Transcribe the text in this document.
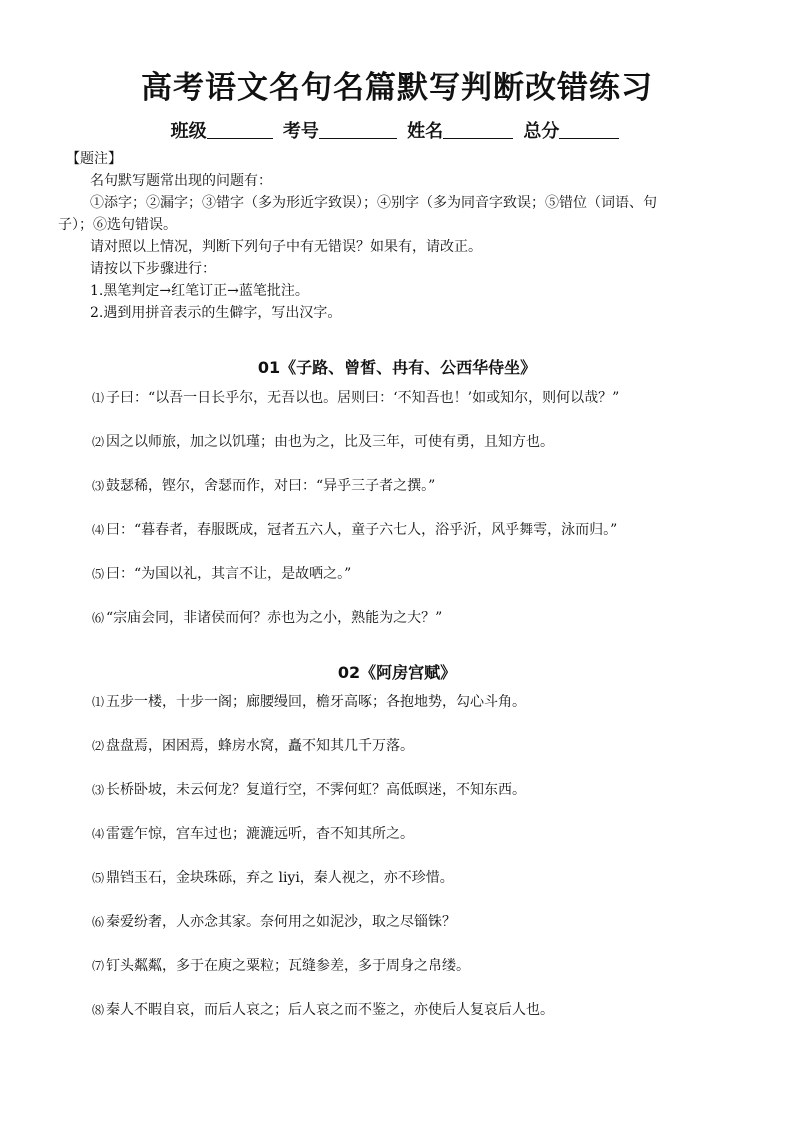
高考语文名句名篇默写判断改错练习
班级	考号	姓名	总分

【题注】

名句默写题常出现的问题有：

①添字；②漏字；③错字（多为形近字致误）；④别字（多为同音字致误；⑤错位（词语、句

子）；⑥选句错误。

请对照以上情况，判断下列句子中有无错误？如果有，请改正。

请按以下步骤进行：

1.黑笔判定→红笔订正→蓝笔批注。

2.遇到用拼音表示的生僻字，写出汉字。

01《子路、曾皙、冉有、公西华侍坐》
⑴ 子曰：“以吾一日长乎尔，无吾以也。居则曰：‘不知吾也！’如或知尔，则何以哉？”
⑵ 因之以师旅，加之以饥瑾；由也为之，比及三年，可使有勇，且知方也。
⑶ 鼓瑟稀，铿尔，舍瑟而作，对曰：“异乎三子者之撰。”
⑷ 曰：“暮春者，春服既成，冠者五六人，童子六七人，浴乎沂，风乎舞雩，泳而归。”
⑸ 曰：“为国以礼，其言不让，是故哂之。”
⑹ “宗庙会同，非诸侯而何？赤也为之小，熟能为之大？”
02《阿房宫赋》
⑴ 五步一楼，十步一阁；廊腰缦回，檐牙高啄；各抱地势，勾心斗角。
⑵ 盘盘焉，困困焉，蜂房水窝，矗不知其几千万落。
⑶ 长桥卧坡，未云何龙？复道行空，不霁何虹？高低暝迷，不知东西。
⑷ 雷霆乍惊，宫车过也；漉漉远听，杳不知其所之。
⑸ 鼎铛玉石，金块珠砾，弃之 liyi，秦人视之，亦不珍惜。
⑹ 秦爱纷奢，人亦念其家。奈何用之如泥沙，取之尽锱铢？
⑺ 钉头粼粼，多于在庾之粟粒；瓦缝参差，多于周身之帛缕。
⑻ 秦人不暇自哀，而后人哀之；后人哀之而不鉴之，亦使后人复哀后人也。
